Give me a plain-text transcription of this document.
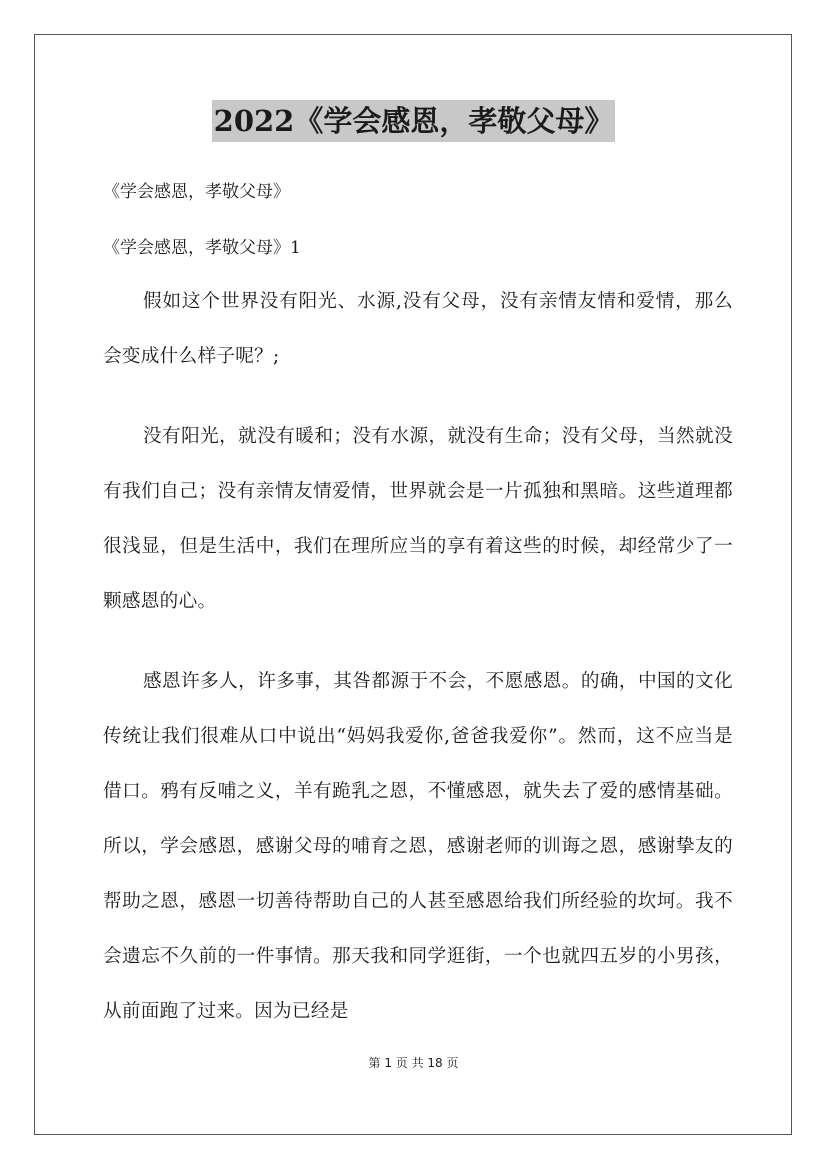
2022《学会感恩，孝敬父母》
《学会感恩，孝敬父母》
《学会感恩，孝敬父母》1

假如这个世界没有阳光、水源,没有父母，没有亲情友情和爱情，那么会变成什么样子呢？;

没有阳光，就没有暖和；没有水源，就没有生命；没有父母，当然就没有我们自己；没有亲情友情爱情，世界就会是一片孤独和黑暗。这些道理都很浅显，但是生活中，我们在理所应当的享有着这些的时候，却经常少了一颗感恩的心。

感恩许多人，许多事，其咎都源于不会，不愿感恩。的确，中国的文化传统让我们很难从口中说出“妈妈我爱你,爸爸我爱你”。然而，这不应当是借口。鸦有反哺之义，羊有跪乳之恩，不懂感恩，就失去了爱的感情基础。所以，学会感恩，感谢父母的哺育之恩，感谢老师的训诲之恩，感谢挚友的帮助之恩，感恩一切善待帮助自己的人甚至感恩给我们所经验的坎坷。我不会遗忘不久前的一件事情。那天我和同学逛街，一个也就四五岁的小男孩，从前面跑了过来。因为已经是

第 1 页 共 18 页
